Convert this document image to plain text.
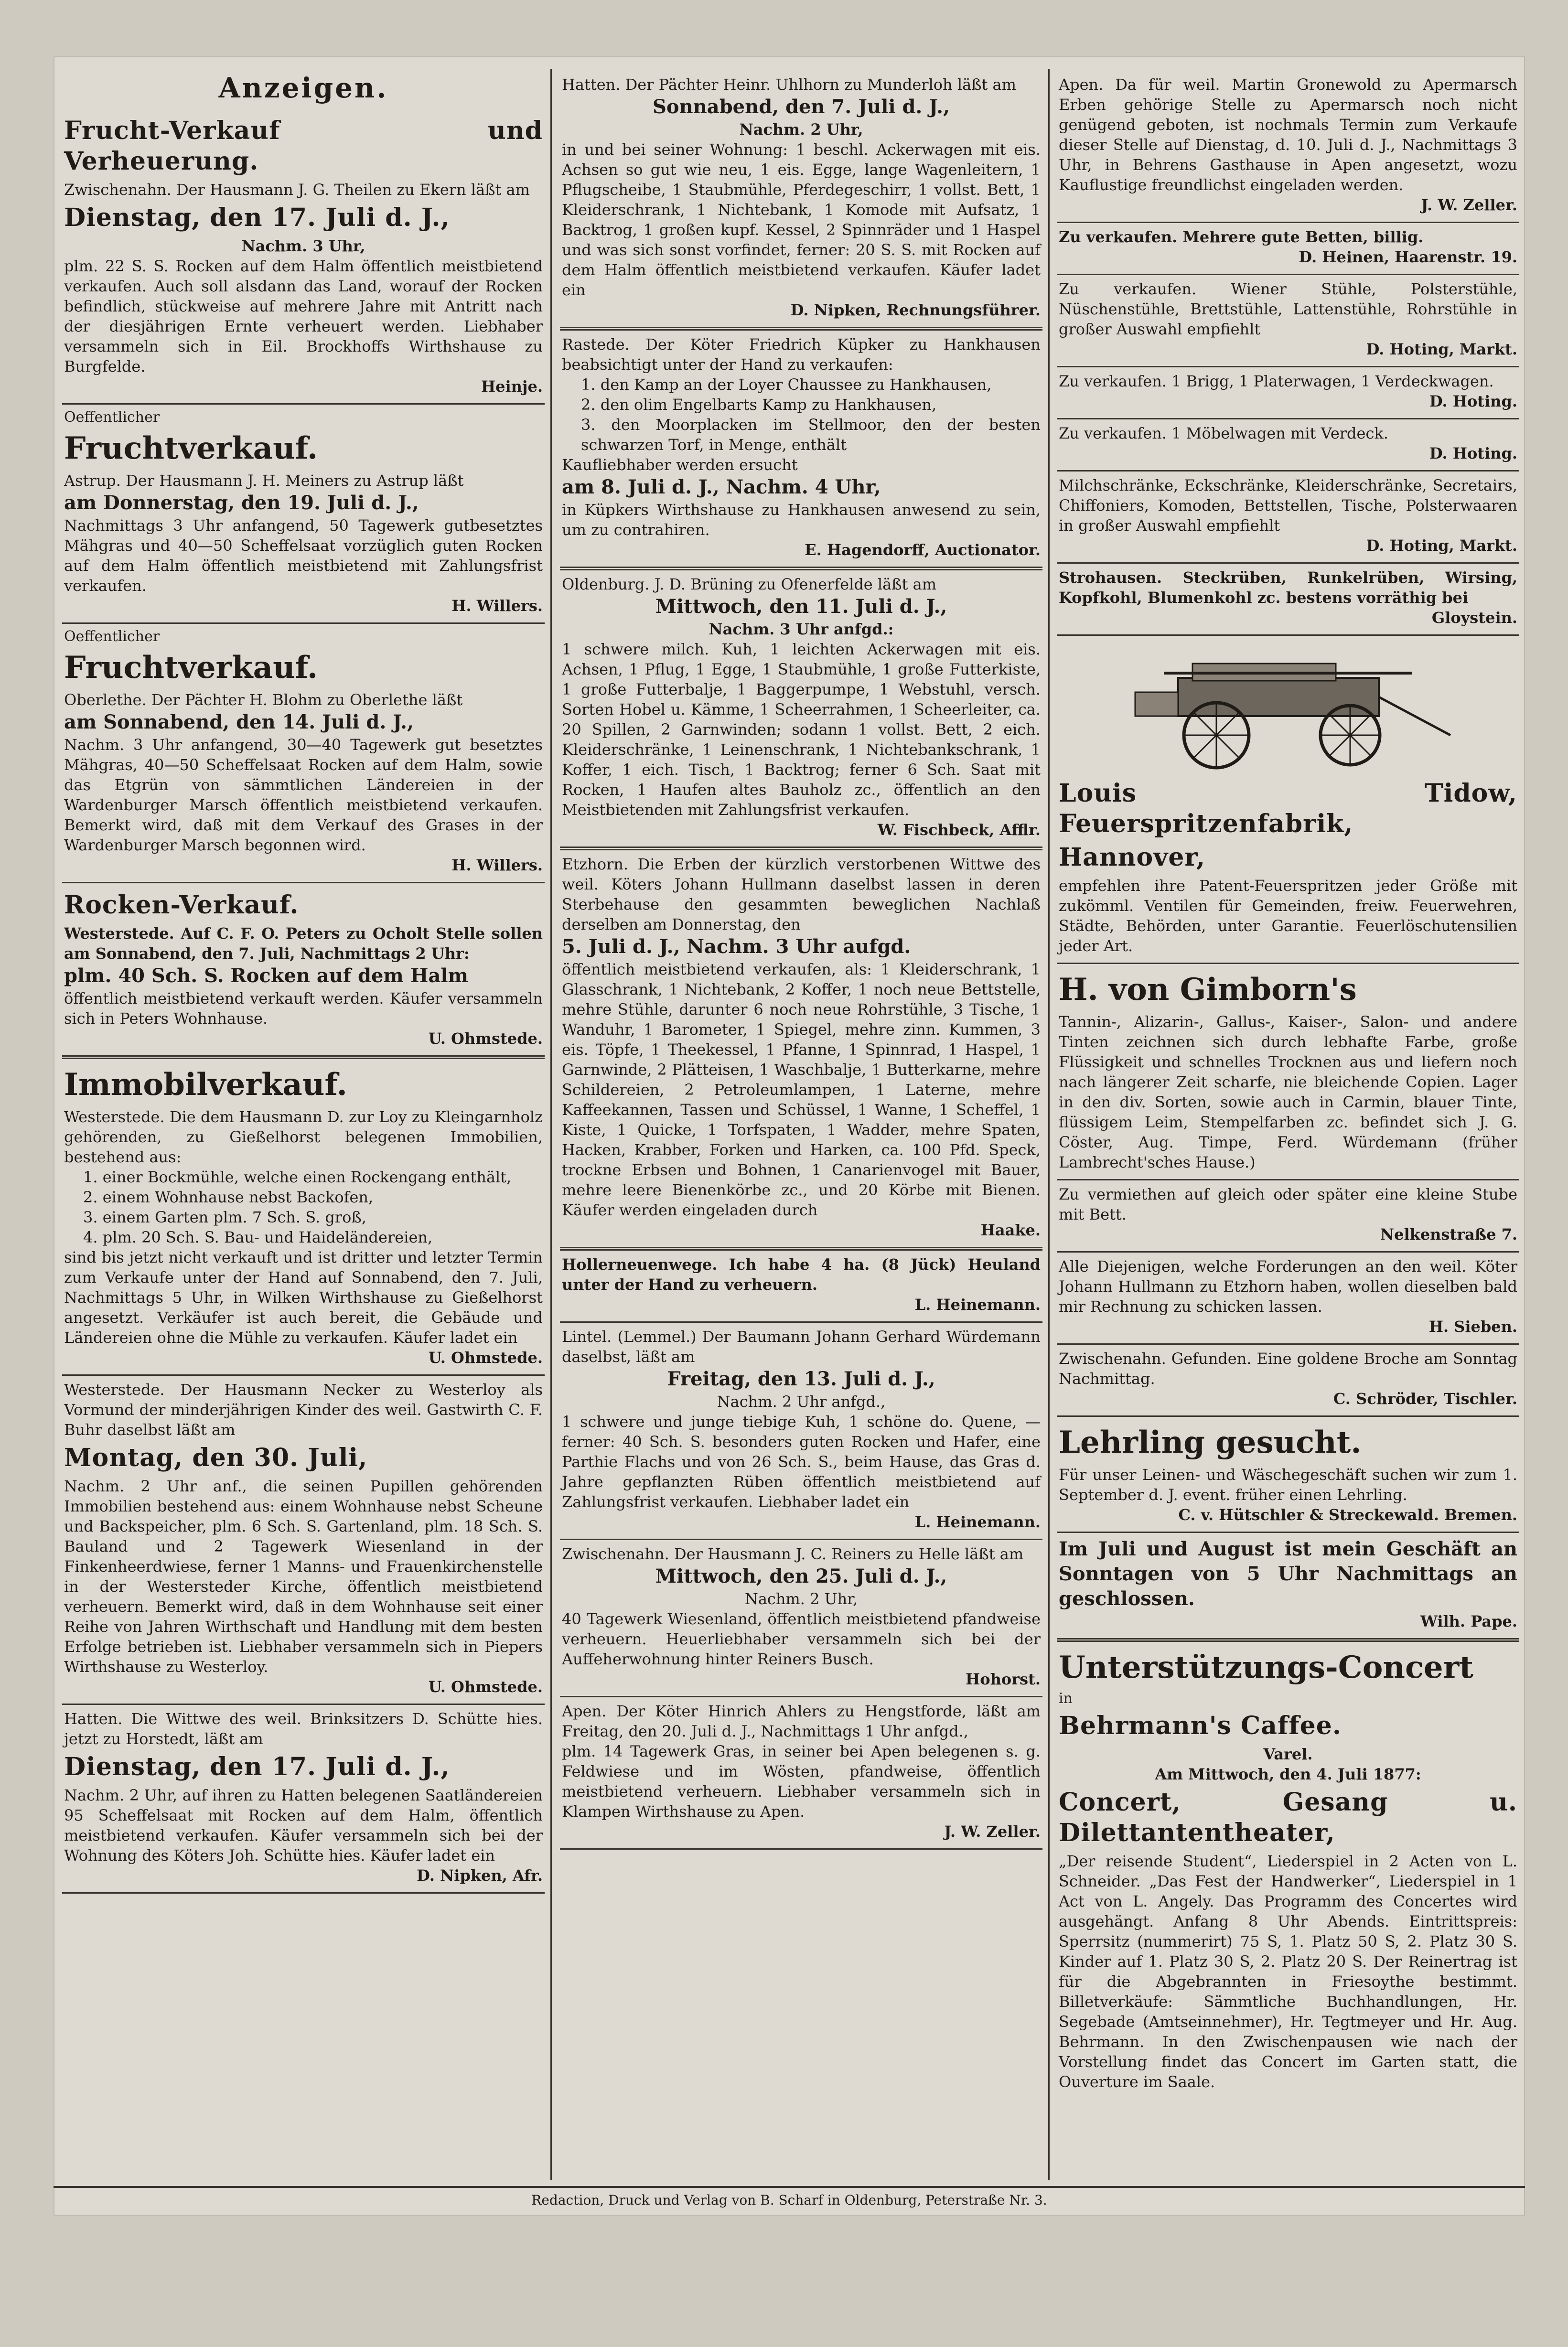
Anzeigen.

Frucht-Verkauf und Verheuerung.

Zwischenahn. Der Hausmann J. G. Theilen zu Ekern läßt am

Dienstag, den 17. Juli d. J.,

Nachm. 3 Uhr,

plm. 22 S. S. Rocken auf dem Halm öffentlich meistbietend verkaufen. Auch soll alsdann das Land, worauf der Rocken befindlich, stückweise auf mehrere Jahre mit Antritt nach der diesjährigen Ernte verheuert werden. Liebhaber versammeln sich in Eil. Brockhoffs Wirthshause zu Burgfelde.

Heinje.

Oeffentlicher

Fruchtverkauf.

Astrup. Der Hausmann J. H. Meiners zu Astrup läßt

am Donnerstag, den 19. Juli d. J.,

Nachmittags 3 Uhr anfangend, 50 Tagewerk gutbesetztes Mähgras und 40—50 Scheffelsaat vorzüglich guten Rocken auf dem Halm öffentlich meistbietend mit Zahlungsfrist verkaufen.

H. Willers.

Oeffentlicher

Fruchtverkauf.

Oberlethe. Der Pächter H. Blohm zu Oberlethe läßt

am Sonnabend, den 14. Juli d. J.,

Nachm. 3 Uhr anfangend, 30—40 Tagewerk gut besetztes Mähgras, 40—50 Scheffelsaat Rocken auf dem Halm, sowie das Etgrün von sämmtlichen Ländereien in der Wardenburger Marsch öffentlich meistbietend verkaufen. Bemerkt wird, daß mit dem Verkauf des Grases in der Wardenburger Marsch begonnen wird.

H. Willers.

Rocken-Verkauf.

Westerstede. Auf C. F. O. Peters zu Ocholt Stelle sollen am Sonnabend, den 7. Juli, Nachmittags 2 Uhr:

plm. 40 Sch. S. Rocken auf dem Halm

öffentlich meistbietend verkauft werden. Käufer versammeln sich in Peters Wohnhause.

U. Ohmstede.

Immobilverkauf.

Westerstede. Die dem Hausmann D. zur Loy zu Kleingarnholz gehörenden, zu Gießelhorst belegenen Immobilien, bestehend aus:

1. einer Bockmühle, welche einen Rockengang enthält,

2. einem Wohnhause nebst Backofen,

3. einem Garten plm. 7 Sch. S. groß,

4. plm. 20 Sch. S. Bau- und Haideländereien,

sind bis jetzt nicht verkauft und ist dritter und letzter Termin zum Verkaufe unter der Hand auf Sonnabend, den 7. Juli, Nachmittags 5 Uhr, in Wilken Wirthshause zu Gießelhorst angesetzt. Verkäufer ist auch bereit, die Gebäude und Ländereien ohne die Mühle zu verkaufen. Käufer ladet ein

U. Ohmstede.

Westerstede. Der Hausmann Necker zu Westerloy als Vormund der minderjährigen Kinder des weil. Gastwirth C. F. Buhr daselbst läßt am

Montag, den 30. Juli,

Nachm. 2 Uhr anf., die seinen Pupillen gehörenden Immobilien bestehend aus: einem Wohnhause nebst Scheune und Backspeicher, plm. 6 Sch. S. Gartenland, plm. 18 Sch. S. Bauland und 2 Tagewerk Wiesenland in der Finkenheerdwiese, ferner 1 Manns- und Frauenkirchenstelle in der Westersteder Kirche, öffentlich meistbietend verheuern. Bemerkt wird, daß in dem Wohnhause seit einer Reihe von Jahren Wirthschaft und Handlung mit dem besten Erfolge betrieben ist. Liebhaber versammeln sich in Piepers Wirthshause zu Westerloy.

U. Ohmstede.

Hatten. Die Wittwe des weil. Brinksitzers D. Schütte hies. jetzt zu Horstedt, läßt am

Dienstag, den 17. Juli d. J.,

Nachm. 2 Uhr, auf ihren zu Hatten belegenen Saatländereien 95 Scheffelsaat mit Rocken auf dem Halm, öffentlich meistbietend verkaufen. Käufer versammeln sich bei der Wohnung des Köters Joh. Schütte hies. Käufer ladet ein

D. Nipken, Afr.

Hatten. Der Pächter Heinr. Uhlhorn zu Munderloh läßt am

Sonnabend, den 7. Juli d. J.,

Nachm. 2 Uhr,

in und bei seiner Wohnung: 1 beschl. Ackerwagen mit eis. Achsen so gut wie neu, 1 eis. Egge, lange Wagenleitern, 1 Pflugscheibe, 1 Staubmühle, Pferdegeschirr, 1 vollst. Bett, 1 Kleiderschrank, 1 Nichtebank, 1 Komode mit Aufsatz, 1 Backtrog, 1 großen kupf. Kessel, 2 Spinnräder und 1 Haspel und was sich sonst vorfindet, ferner: 20 S. S. mit Rocken auf dem Halm öffentlich meistbietend verkaufen. Käufer ladet ein

D. Nipken, Rechnungsführer.

Rastede. Der Köter Friedrich Küpker zu Hankhausen beabsichtigt unter der Hand zu verkaufen:

1. den Kamp an der Loyer Chaussee zu Hankhausen,

2. den olim Engelbarts Kamp zu Hankhausen,

3. den Moorplacken im Stellmoor, den der besten schwarzen Torf, in Menge, enthält

Kaufliebhaber werden ersucht

am 8. Juli d. J., Nachm. 4 Uhr,

in Küpkers Wirthshause zu Hankhausen anwesend zu sein, um zu contrahiren.

E. Hagendorff, Auctionator.

Oldenburg. J. D. Brüning zu Ofenerfelde läßt am

Mittwoch, den 11. Juli d. J.,

Nachm. 3 Uhr anfgd.:

1 schwere milch. Kuh, 1 leichten Ackerwagen mit eis. Achsen, 1 Pflug, 1 Egge, 1 Staubmühle, 1 große Futterkiste, 1 große Futterbalje, 1 Baggerpumpe, 1 Webstuhl, versch. Sorten Hobel u. Kämme, 1 Scheerrahmen, 1 Scheerleiter, ca. 20 Spillen, 2 Garnwinden; sodann 1 vollst. Bett, 2 eich. Kleiderschränke, 1 Leinenschrank, 1 Nichtebankschrank, 1 Koffer, 1 eich. Tisch, 1 Backtrog; ferner 6 Sch. Saat mit Rocken, 1 Haufen altes Bauholz zc., öffentlich an den Meistbietenden mit Zahlungsfrist verkaufen.

W. Fischbeck, Afflr.

Etzhorn. Die Erben der kürzlich verstorbenen Wittwe des weil. Köters Johann Hullmann daselbst lassen in deren Sterbehause den gesammten beweglichen Nachlaß derselben am Donnerstag, den

5. Juli d. J., Nachm. 3 Uhr aufgd.

öffentlich meistbietend verkaufen, als: 1 Kleiderschrank, 1 Glasschrank, 1 Nichtebank, 2 Koffer, 1 noch neue Bettstelle, mehre Stühle, darunter 6 noch neue Rohrstühle, 3 Tische, 1 Wanduhr, 1 Barometer, 1 Spiegel, mehre zinn. Kummen, 3 eis. Töpfe, 1 Theekessel, 1 Pfanne, 1 Spinnrad, 1 Haspel, 1 Garnwinde, 2 Plätteisen, 1 Waschbalje, 1 Butterkarne, mehre Schildereien, 2 Petroleumlampen, 1 Laterne, mehre Kaffeekannen, Tassen und Schüssel, 1 Wanne, 1 Scheffel, 1 Kiste, 1 Quicke, 1 Torfspaten, 1 Wadder, mehre Spaten, Hacken, Krabber, Forken und Harken, ca. 100 Pfd. Speck, trockne Erbsen und Bohnen, 1 Canarienvogel mit Bauer, mehre leere Bienenkörbe zc., und 20 Körbe mit Bienen. Käufer werden eingeladen durch

Haake.

Hollerneuenwege. Ich habe 4 ha. (8 Jück) Heuland unter der Hand zu verheuern.

L. Heinemann.

Lintel. (Lemmel.) Der Baumann Johann Gerhard Würdemann daselbst, läßt am

Freitag, den 13. Juli d. J.,

Nachm. 2 Uhr anfgd.,

1 schwere und junge tiebige Kuh, 1 schöne do. Quene, — ferner: 40 Sch. S. besonders guten Rocken und Hafer, eine Parthie Flachs und von 26 Sch. S., beim Hause, das Gras d. Jahre gepflanzten Rüben öffentlich meistbietend auf Zahlungsfrist verkaufen. Liebhaber ladet ein

L. Heinemann.

Zwischenahn. Der Hausmann J. C. Reiners zu Helle läßt am

Mittwoch, den 25. Juli d. J.,

Nachm. 2 Uhr,

40 Tagewerk Wiesenland, öffentlich meistbietend pfandweise verheuern. Heuerliebhaber versammeln sich bei der Auffeherwohnung hinter Reiners Busch.

Hohorst.

Apen. Der Köter Hinrich Ahlers zu Hengstforde, läßt am Freitag, den 20. Juli d. J., Nachmittags 1 Uhr anfgd.,

plm. 14 Tagewerk Gras, in seiner bei Apen belegenen s. g. Feldwiese und im Wösten, pfandweise, öffentlich meistbietend verheuern. Liebhaber versammeln sich in Klampen Wirthshause zu Apen.

J. W. Zeller.

Apen. Da für weil. Martin Gronewold zu Apermarsch Erben gehörige Stelle zu Apermarsch noch nicht genügend geboten, ist nochmals Termin zum Verkaufe dieser Stelle auf Dienstag, d. 10. Juli d. J., Nachmittags 3 Uhr, in Behrens Gasthause in Apen angesetzt, wozu Kauflustige freundlichst eingeladen werden.

J. W. Zeller.

Zu verkaufen. Mehrere gute Betten, billig.

D. Heinen, Haarenstr. 19.

Zu verkaufen. Wiener Stühle, Polsterstühle, Nüschenstühle, Brettstühle, Lattenstühle, Rohrstühle in großer Auswahl empfiehlt

D. Hoting, Markt.

Zu verkaufen. 1 Brigg, 1 Platerwagen, 1 Verdeckwagen.

D. Hoting.

Zu verkaufen. 1 Möbelwagen mit Verdeck.

D. Hoting.

Milchschränke, Eckschränke, Kleiderschränke, Secretairs, Chiffoniers, Komoden, Bettstellen, Tische, Polsterwaaren in großer Auswahl empfiehlt

D. Hoting, Markt.

Strohausen. Steckrüben, Runkelrüben, Wirsing, Kopfkohl, Blumenkohl zc. bestens vorräthig bei

Gloystein.

Louis Tidow, Feuerspritzenfabrik,

Hannover,

empfehlen ihre Patent-Feuerspritzen jeder Größe mit zukömml. Ventilen für Gemeinden, freiw. Feuerwehren, Städte, Behörden, unter Garantie. Feuerlöschutensilien jeder Art.

H. von Gimborn's

Tannin-, Alizarin-, Gallus-, Kaiser-, Salon- und andere Tinten zeichnen sich durch lebhafte Farbe, große Flüssigkeit und schnelles Trocknen aus und liefern noch nach längerer Zeit scharfe, nie bleichende Copien. Lager in den div. Sorten, sowie auch in Carmin, blauer Tinte, flüssigem Leim, Stempelfarben zc. befindet sich J. G. Cöster, Aug. Timpe, Ferd. Würdemann (früher Lambrecht'sches Hause.)

Zu vermiethen auf gleich oder später eine kleine Stube mit Bett.

Nelkenstraße 7.

Alle Diejenigen, welche Forderungen an den weil. Köter Johann Hullmann zu Etzhorn haben, wollen dieselben bald mir Rechnung zu schicken lassen.

H. Sieben.

Zwischenahn. Gefunden. Eine goldene Broche am Sonntag Nachmittag.

C. Schröder, Tischler.

Lehrling gesucht.

Für unser Leinen- und Wäschegeschäft suchen wir zum 1. September d. J. event. früher einen Lehrling.

C. v. Hütschler & Streckewald. Bremen.

Im Juli und August ist mein Geschäft an Sonntagen von 5 Uhr Nachmittags an geschlossen.

Wilh. Pape.

Unterstützungs-Concert

in

Behrmann's Caffee.

Varel.

Am Mittwoch, den 4. Juli 1877:

Concert, Gesang u. Dilettantentheater,

„Der reisende Student“, Liederspiel in 2 Acten von L. Schneider. „Das Fest der Handwerker“, Liederspiel in 1 Act von L. Angely. Das Programm des Concertes wird ausgehängt. Anfang 8 Uhr Abends. Eintrittspreis: Sperrsitz (nummerirt) 75 S, 1. Platz 50 S, 2. Platz 30 S. Kinder auf 1. Platz 30 S, 2. Platz 20 S. Der Reinertrag ist für die Abgebrannten in Friesoythe bestimmt. Billetverkäufe: Sämmtliche Buchhandlungen, Hr. Segebade (Amtseinnehmer), Hr. Tegtmeyer und Hr. Aug. Behrmann. In den Zwischenpausen wie nach der Vorstellung findet das Concert im Garten statt, die Ouverture im Saale.

Redaction, Druck und Verlag von B. Scharf in Oldenburg, Peterstraße Nr. 3.
